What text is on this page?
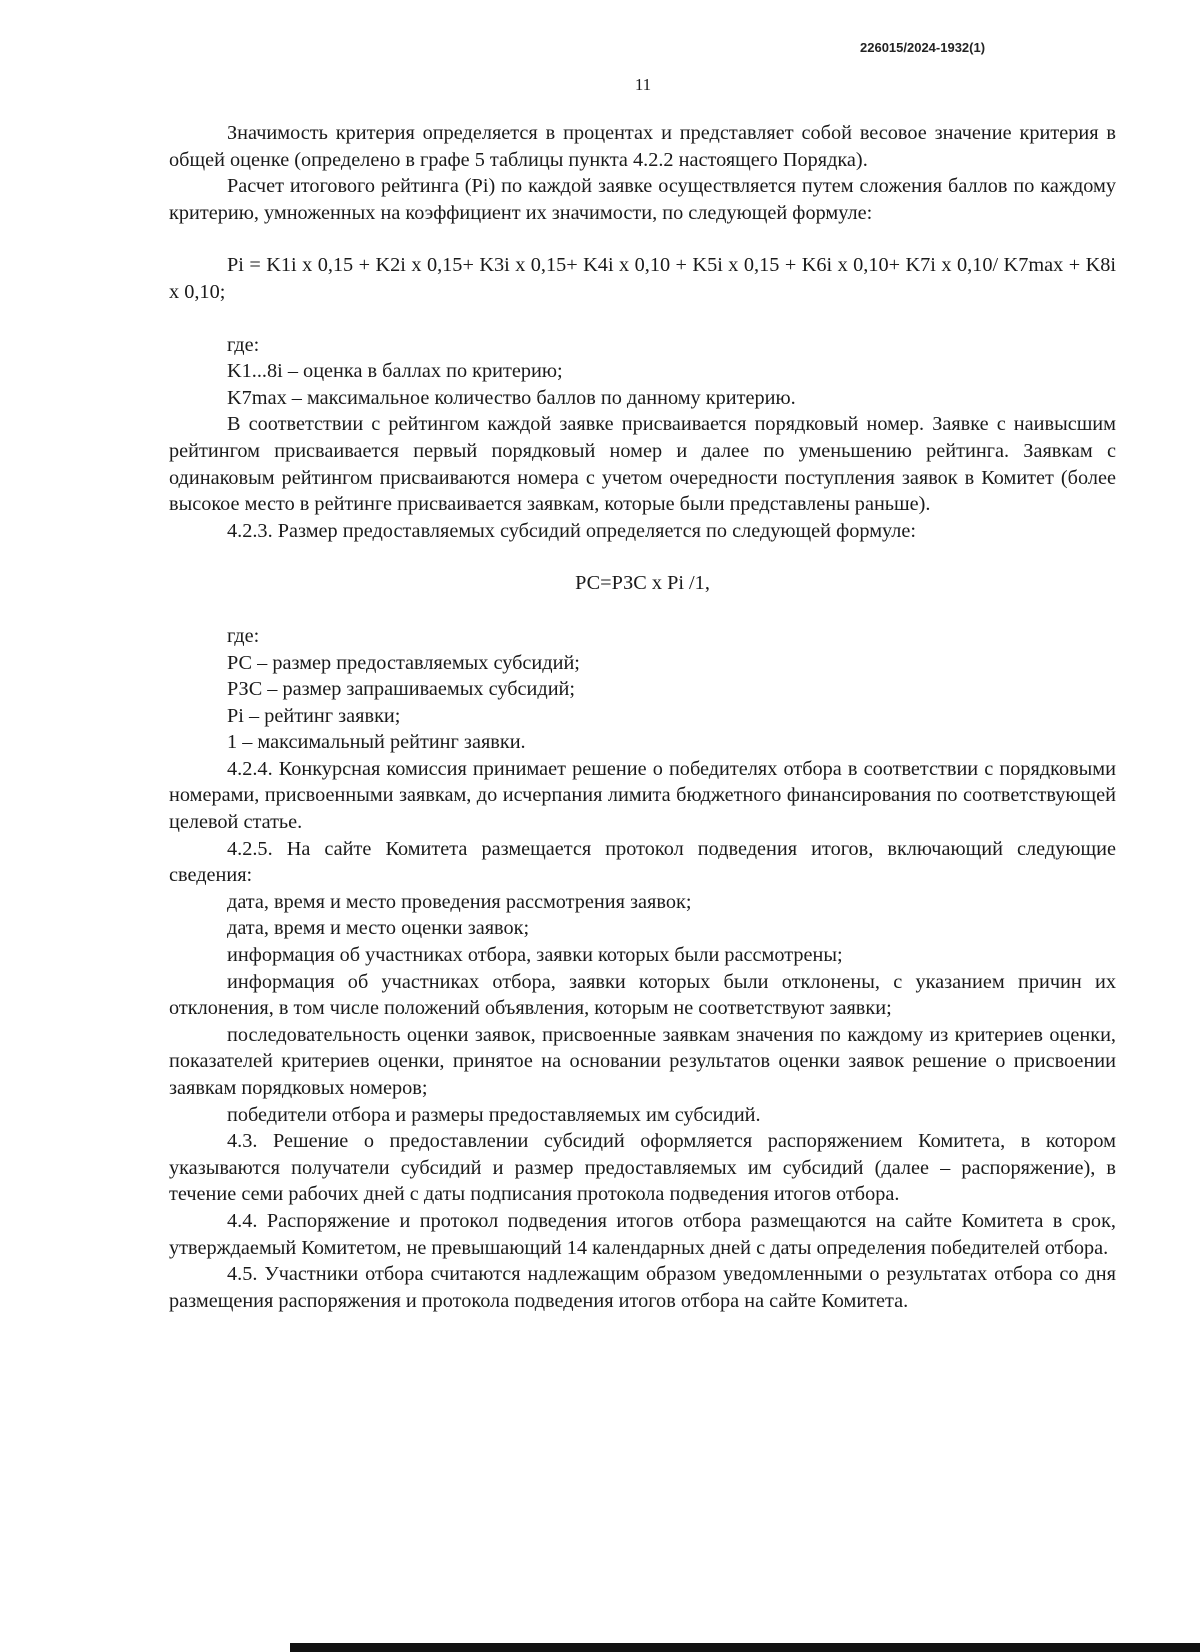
226015/2024-1932(1)
11

Значимость критерия определяется в процентах и представляет собой весовое значение критерия в общей оценке (определено в графе 5 таблицы пункта 4.2.2 настоящего Порядка).

Расчет итогового рейтинга (Pi) по каждой заявке осуществляется путем сложения баллов по каждому критерию, умноженных на коэффициент их значимости, по следующей формуле:

Pi = K1i x 0,15 + K2i x 0,15+ K3i x 0,15+ K4i x 0,10 + K5i x 0,15 + K6i x 0,10+ K7i x 0,10/ K7max + K8i x 0,10;

где:

K1...8i – оценка в баллах по критерию;

K7max – максимальное количество баллов по данному критерию.

В соответствии с рейтингом каждой заявке присваивается порядковый номер. Заявке с наивысшим рейтингом присваивается первый порядковый номер и далее по уменьшению рейтинга. Заявкам с одинаковым рейтингом присваиваются номера с учетом очередности поступления заявок в Комитет (более высокое место в рейтинге присваивается заявкам, которые были представлены раньше).

4.2.3. Размер предоставляемых субсидий определяется по следующей формуле:

РС=РЗС x Pi /1,

где:

РС – размер предоставляемых субсидий;

РЗС – размер запрашиваемых субсидий;

Pi – рейтинг заявки;

1 – максимальный рейтинг заявки.

4.2.4. Конкурсная комиссия принимает решение о победителях отбора в соответствии с порядковыми номерами, присвоенными заявкам, до исчерпания лимита бюджетного финансирования по соответствующей целевой статье.

4.2.5. На сайте Комитета размещается протокол подведения итогов, включающий следующие сведения:

дата, время и место проведения рассмотрения заявок;

дата, время и место оценки заявок;

информация об участниках отбора, заявки которых были рассмотрены;

информация об участниках отбора, заявки которых были отклонены, с указанием причин их отклонения, в том числе положений объявления, которым не соответствуют заявки;

последовательность оценки заявок, присвоенные заявкам значения по каждому из критериев оценки, показателей критериев оценки, принятое на основании результатов оценки заявок решение о присвоении заявкам порядковых номеров;

победители отбора и размеры предоставляемых им субсидий.

4.3. Решение о предоставлении субсидий оформляется распоряжением Комитета, в котором указываются получатели субсидий и размер предоставляемых им субсидий (далее – распоряжение), в течение семи рабочих дней с даты подписания протокола подведения итогов отбора.

4.4. Распоряжение и протокол подведения итогов отбора размещаются на сайте Комитета в срок, утверждаемый Комитетом, не превышающий 14 календарных дней с даты определения победителей отбора.

4.5. Участники отбора считаются надлежащим образом уведомленными о результатах отбора со дня размещения распоряжения и протокола подведения итогов отбора на сайте Комитета.
